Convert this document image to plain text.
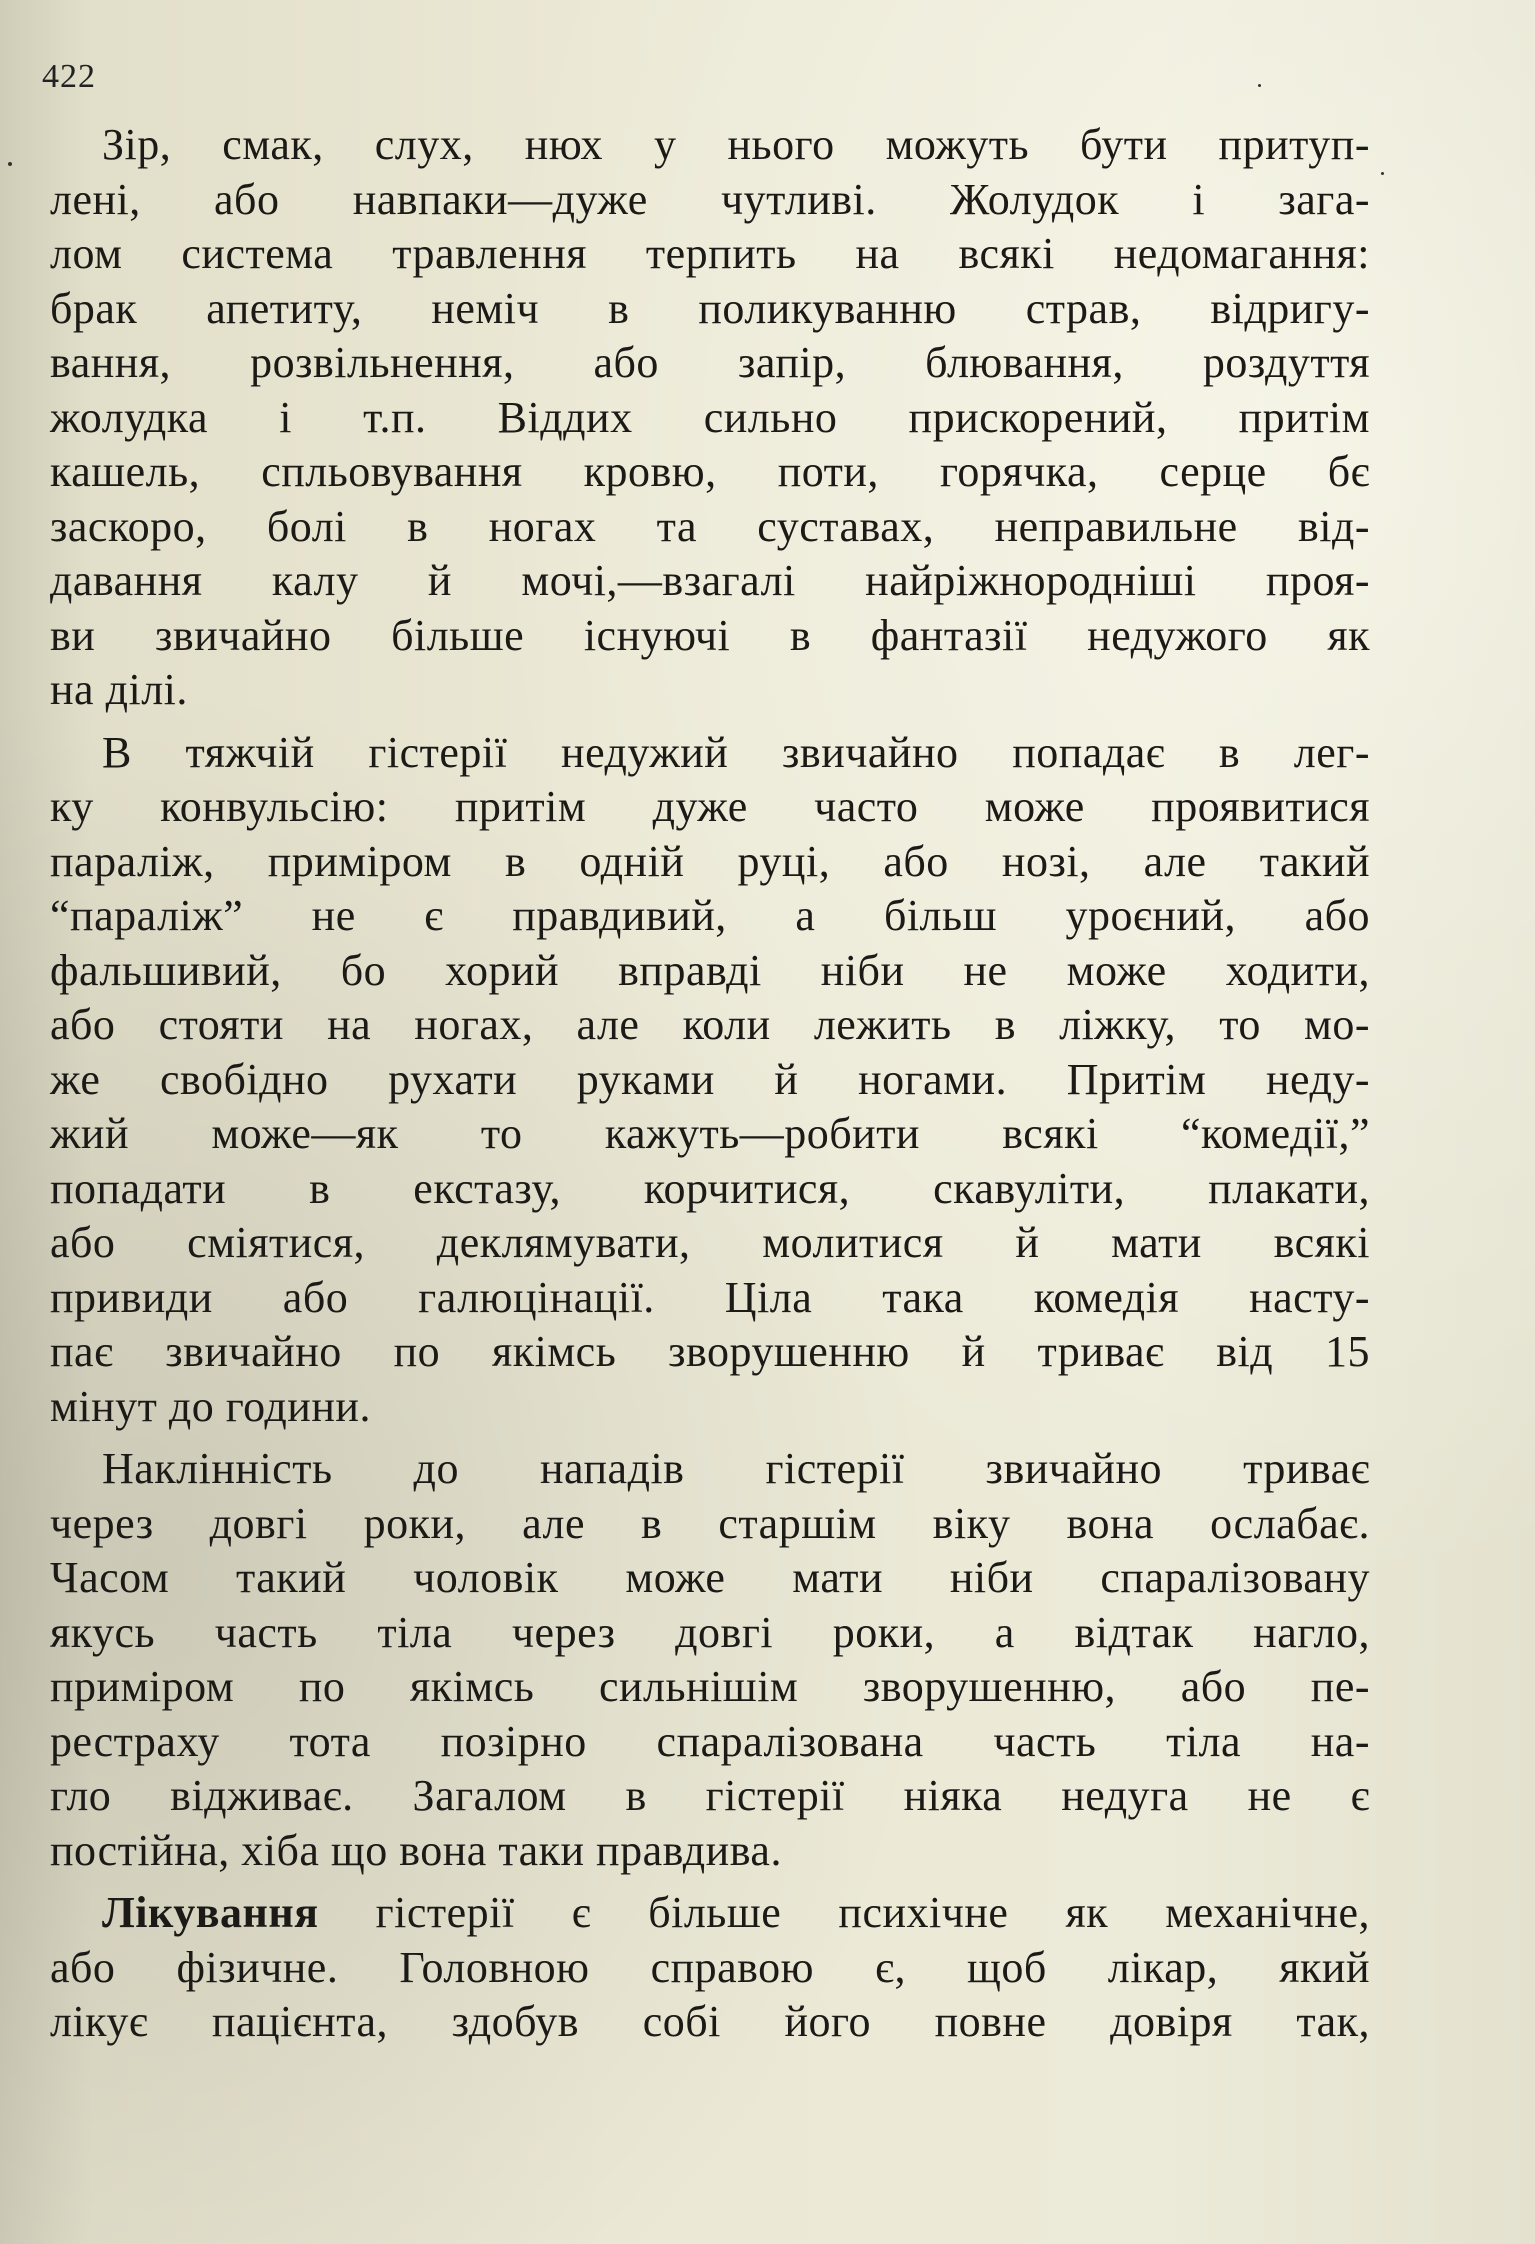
422
Зір, смак, слух, нюх у нього можуть бути притуп-
лені, або навпаки—дуже чутливі. Жолудок і зага-
лом система травлення терпить на всякі недомагання:
брак апетиту, неміч в поликуванню страв, відригу-
вання, розвільнення, або запір, блювання, роздуття
жолудка і т.п. Віддих сильно прискорений, притім
кашель, спльовування кровю, поти, горячка, серце бє
заскоро, болі в ногах та суставах, неправильне від-
давання калу й мочі,—взагалі найріжнородніші проя-
ви звичайно більше існуючі в фантазії недужого як
на ділі.
В тяжчій гістерії недужий звичайно попадає в лег-
ку конвульсію: притім дуже часто може проявитися
параліж, приміром в одній руці, або нозі, але такий
“параліж” не є правдивий, а більш уроєний, або
фальшивий, бо хорий вправді ніби не може ходити,
або стояти на ногах, але коли лежить в ліжку, то мо-
же свобідно рухати руками й ногами. Притім неду-
жий може—як то кажуть—робити всякі “комедії,”
попадати в екстазу, корчитися, скавуліти, плакати,
або сміятися, деклямувати, молитися й мати всякі
привиди або галюцінації. Ціла така комедія насту-
пає звичайно по якімсь зворушенню й триває від 15
мінут до години.
Наклінність до нападів гістерії звичайно триває
через довгі роки, але в старшім віку вона ослабає.
Часом такий чоловік може мати ніби спаралізовану
якусь часть тіла через довгі роки, а відтак нагло,
приміром по якімсь сильнішім зворушенню, або пе-
рестраху тота позірно спаралізована часть тіла на-
гло відживає. Загалом в гістерії ніяка недуга не є
постійна, хіба що вона таки правдива.
Лікування гістерії є більше психічне як механічне,
або фізичне. Головною справою є, щоб лікар, який
лікує пацієнта, здобув собі його повне довіря так,
